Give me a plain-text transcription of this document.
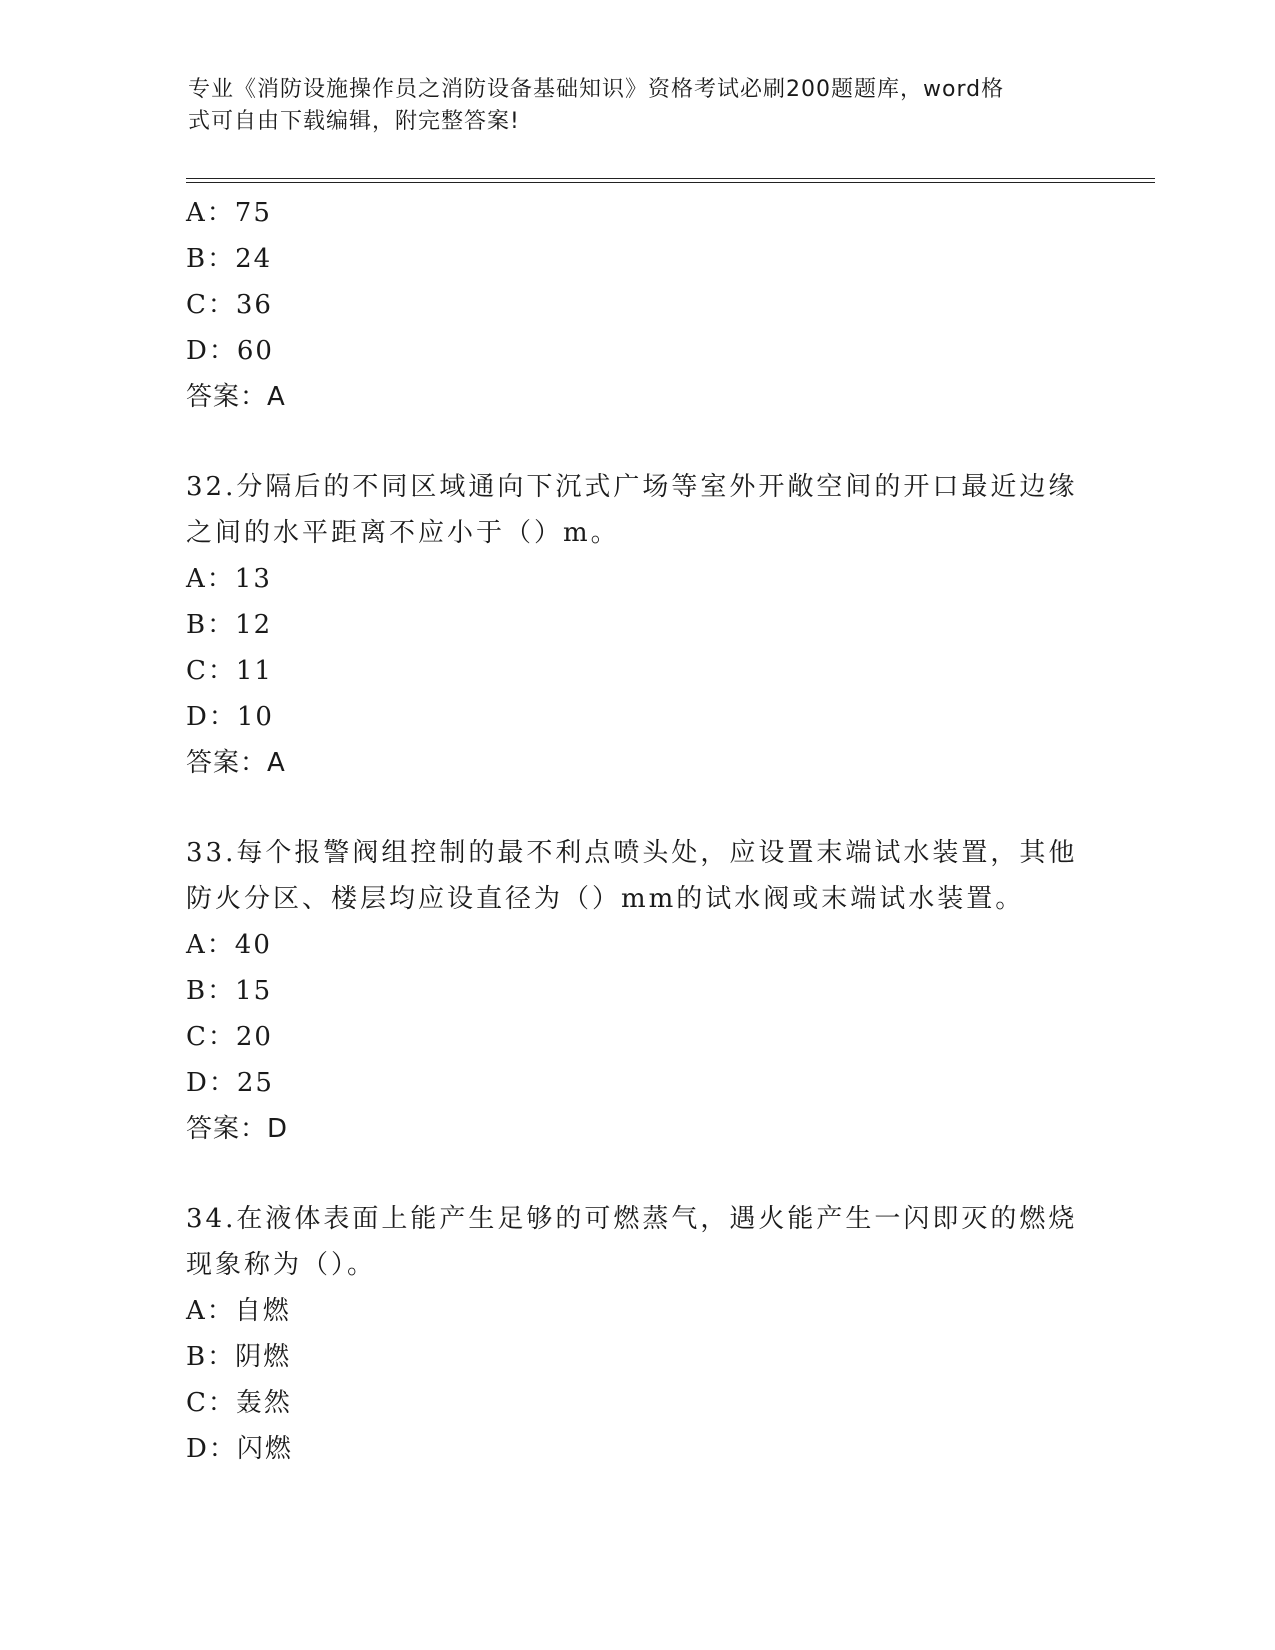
专业《消防设施操作员之消防设备基础知识》资格考试必刷200题题库，word格
式可自由下载编辑，附完整答案!
A：75
B：24
C：36
D：60
答案：A
32.分隔后的不同区域通向下沉式广场等室外开敞空间的开口最近边缘
之间的水平距离不应小于（）m。
A：13
B：12
C：11
D：10
答案：A
33.每个报警阀组控制的最不利点喷头处，应设置末端试水装置，其他
防火分区、楼层均应设直径为（）mm的试水阀或末端试水装置。
A：40
B：15
C：20
D：25
答案：D
34.在液体表面上能产生足够的可燃蒸气，遇火能产生一闪即灭的燃烧
现象称为（）。
A：自燃
B：阴燃
C：轰然
D：闪燃
